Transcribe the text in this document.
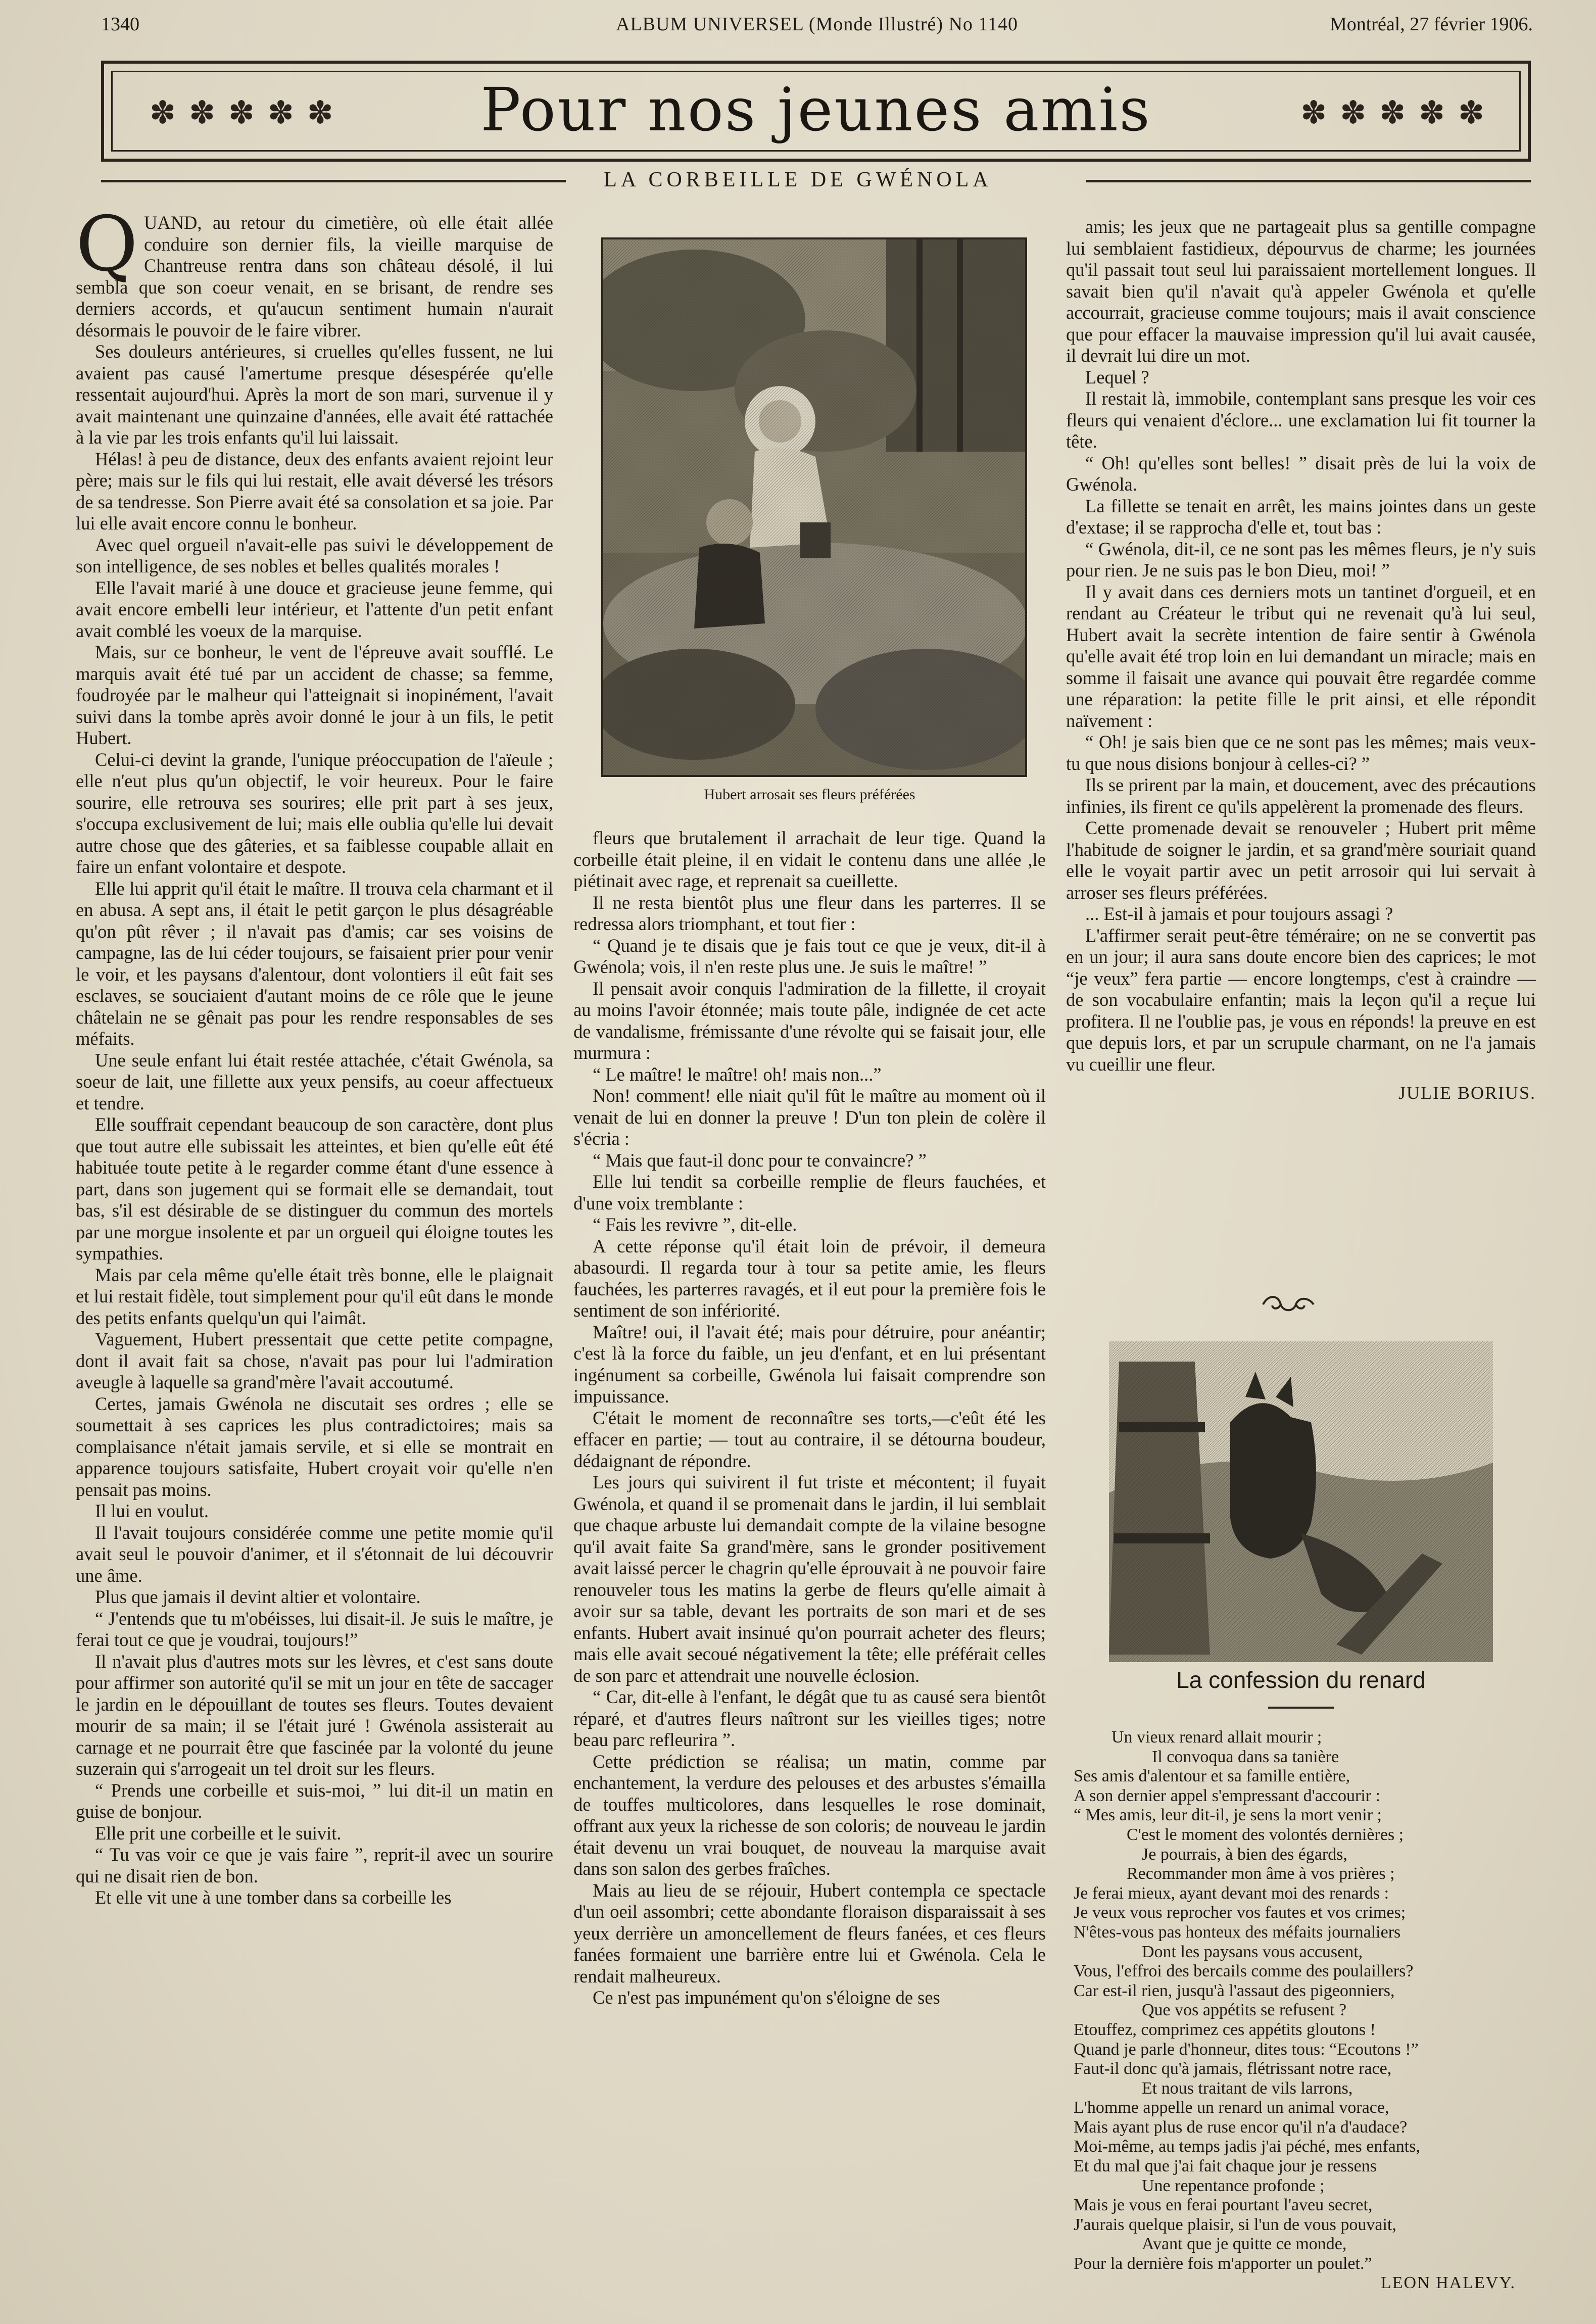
1340	ALBUM UNIVERSEL (Monde Illustré) No 1140	Montréal, 27 février 1906.
✽✽✽✽✽	Pour nos jeunes amis	✽✽✽✽✽
LA CORBEILLE DE GWÉNOLA

QUAND, au retour du cimetière, où elle était allée conduire son dernier fils, la vieille marquise de Chantreuse rentra dans son château désolé, il lui sembla que son coeur venait, en se brisant, de rendre ses derniers accords, et qu'aucun sentiment humain n'aurait désormais le pouvoir de le faire vibrer.

Ses douleurs antérieures, si cruelles qu'elles fussent, ne lui avaient pas causé l'amertume presque désespérée qu'elle ressentait aujourd'hui. Après la mort de son mari, survenue il y avait maintenant une quinzaine d'années, elle avait été rattachée à la vie par les trois enfants qu'il lui laissait.

Hélas! à peu de distance, deux des enfants avaient rejoint leur père; mais sur le fils qui lui restait, elle avait déversé les trésors de sa tendresse. Son Pierre avait été sa consolation et sa joie. Par lui elle avait encore connu le bonheur.

Avec quel orgueil n'avait-elle pas suivi le développement de son intelligence, de ses nobles et belles qualités morales !

Elle l'avait marié à une douce et gracieuse jeune femme, qui avait encore embelli leur intérieur, et l'attente d'un petit enfant avait comblé les voeux de la marquise.

Mais, sur ce bonheur, le vent de l'épreuve avait soufflé. Le marquis avait été tué par un accident de chasse; sa femme, foudroyée par le malheur qui l'atteignait si inopinément, l'avait suivi dans la tombe après avoir donné le jour à un fils, le petit Hubert.

Celui-ci devint la grande, l'unique préoccupation de l'aïeule ; elle n'eut plus qu'un objectif, le voir heureux. Pour le faire sourire, elle retrouva ses sourires; elle prit part à ses jeux, s'occupa exclusivement de lui; mais elle oublia qu'elle lui devait autre chose que des gâteries, et sa faiblesse coupable allait en faire un enfant volontaire et despote.

Elle lui apprit qu'il était le maître. Il trouva cela charmant et il en abusa. A sept ans, il était le petit garçon le plus désagréable qu'on pût rêver ; il n'avait pas d'amis; car ses voisins de campagne, las de lui céder toujours, se faisaient prier pour venir le voir, et les paysans d'alentour, dont volontiers il eût fait ses esclaves, se souciaient d'autant moins de ce rôle que le jeune châtelain ne se gênait pas pour les rendre responsables de ses méfaits.

Une seule enfant lui était restée attachée, c'était Gwénola, sa soeur de lait, une fillette aux yeux pensifs, au coeur affectueux et tendre.

Elle souffrait cependant beaucoup de son caractère, dont plus que tout autre elle subissait les atteintes, et bien qu'elle eût été habituée toute petite à le regarder comme étant d'une essence à part, dans son jugement qui se formait elle se demandait, tout bas, s'il est désirable de se distinguer du commun des mortels par une morgue insolente et par un orgueil qui éloigne toutes les sympathies.

Mais par cela même qu'elle était très bonne, elle le plaignait et lui restait fidèle, tout simplement pour qu'il eût dans le monde des petits enfants quelqu'un qui l'aimât.

Vaguement, Hubert pressentait que cette petite compagne, dont il avait fait sa chose, n'avait pas pour lui l'admiration aveugle à laquelle sa grand'mère l'avait accoutumé.

Certes, jamais Gwénola ne discutait ses ordres ; elle se soumettait à ses caprices les plus contradictoires; mais sa complaisance n'était jamais servile, et si elle se montrait en apparence toujours satisfaite, Hubert croyait voir qu'elle n'en pensait pas moins.

Il lui en voulut.

Il l'avait toujours considérée comme une petite momie qu'il avait seul le pouvoir d'animer, et il s'étonnait de lui découvrir une âme.

Plus que jamais il devint altier et volontaire.

“ J'entends que tu m'obéisses, lui disait-il. Je suis le maître, je ferai tout ce que je voudrai, toujours!”

Il n'avait plus d'autres mots sur les lèvres, et c'est sans doute pour affirmer son autorité qu'il se mit un jour en tête de saccager le jardin en le dépouillant de toutes ses fleurs. Toutes devaient mourir de sa main; il se l'était juré ! Gwénola assisterait au carnage et ne pourrait être que fascinée par la volonté du jeune suzerain qui s'arrogeait un tel droit sur les fleurs.

“ Prends une corbeille et suis-moi, ” lui dit-il un matin en guise de bonjour.

Elle prit une corbeille et le suivit.

“ Tu vas voir ce que je vais faire ”, reprit-il avec un sourire qui ne disait rien de bon.

Et elle vit une à une tomber dans sa corbeille les

Hubert arrosait ses fleurs préférées

fleurs que brutalement il arrachait de leur tige. Quand la corbeille était pleine, il en vidait le contenu dans une allée ,le piétinait avec rage, et reprenait sa cueillette.

Il ne resta bientôt plus une fleur dans les parterres. Il se redressa alors triomphant, et tout fier :

“ Quand je te disais que je fais tout ce que je veux, dit-il à Gwénola; vois, il n'en reste plus une. Je suis le maître! ”

Il pensait avoir conquis l'admiration de la fillette, il croyait au moins l'avoir étonnée; mais toute pâle, indignée de cet acte de vandalisme, frémissante d'une révolte qui se faisait jour, elle murmura :

“ Le maître! le maître! oh! mais non...”

Non! comment! elle niait qu'il fût le maître au moment où il venait de lui en donner la preuve ! D'un ton plein de colère il s'écria :

“ Mais que faut-il donc pour te convaincre? ”

Elle lui tendit sa corbeille remplie de fleurs fauchées, et d'une voix tremblante :

“ Fais les revivre ”, dit-elle.

A cette réponse qu'il était loin de prévoir, il demeura abasourdi. Il regarda tour à tour sa petite amie, les fleurs fauchées, les parterres ravagés, et il eut pour la première fois le sentiment de son infériorité.

Maître! oui, il l'avait été; mais pour détruire, pour anéantir; c'est là la force du faible, un jeu d'enfant, et en lui présentant ingénument sa corbeille, Gwénola lui faisait comprendre son impuissance.

C'était le moment de reconnaître ses torts,—c'eût été les effacer en partie; — tout au contraire, il se détourna boudeur, dédaignant de répondre.

Les jours qui suivirent il fut triste et mécontent; il fuyait Gwénola, et quand il se promenait dans le jardin, il lui semblait que chaque arbuste lui demandait compte de la vilaine besogne qu'il avait faite Sa grand'mère, sans le gronder positivement avait laissé percer le chagrin qu'elle éprouvait à ne pouvoir faire renouveler tous les matins la gerbe de fleurs qu'elle aimait à avoir sur sa table, devant les portraits de son mari et de ses enfants. Hubert avait insinué qu'on pourrait acheter des fleurs; mais elle avait secoué négativement la tête; elle préférait celles de son parc et attendrait une nouvelle éclosion.

“ Car, dit-elle à l'enfant, le dégât que tu as causé sera bientôt réparé, et d'autres fleurs naîtront sur les vieilles tiges; notre beau parc refleurira ”.

Cette prédiction se réalisa; un matin, comme par enchantement, la verdure des pelouses et des arbustes s'émailla de touffes multicolores, dans lesquelles le rose dominait, offrant aux yeux la richesse de son coloris; de nouveau le jardin était devenu un vrai bouquet, de nouveau la marquise avait dans son salon des gerbes fraîches.

Mais au lieu de se réjouir, Hubert contempla ce spectacle d'un oeil assombri; cette abondante floraison disparaissait à ses yeux derrière un amoncellement de fleurs fanées, et ces fleurs fanées formaient une barrière entre lui et Gwénola. Cela le rendait malheureux.

Ce n'est pas impunément qu'on s'éloigne de ses

amis; les jeux que ne partageait plus sa gentille compagne lui semblaient fastidieux, dépourvus de charme; les journées qu'il passait tout seul lui paraissaient mortellement longues. Il savait bien qu'il n'avait qu'à appeler Gwénola et qu'elle accourrait, gracieuse comme toujours; mais il avait conscience que pour effacer la mauvaise impression qu'il lui avait causée, il devrait lui dire un mot.

Lequel ?

Il restait là, immobile, contemplant sans presque les voir ces fleurs qui venaient d'éclore... une exclamation lui fit tourner la tête.

“ Oh! qu'elles sont belles! ” disait près de lui la voix de Gwénola.

La fillette se tenait en arrêt, les mains jointes dans un geste d'extase; il se rapprocha d'elle et, tout bas :

“ Gwénola, dit-il, ce ne sont pas les mêmes fleurs, je n'y suis pour rien. Je ne suis pas le bon Dieu, moi! ”

Il y avait dans ces derniers mots un tantinet d'orgueil, et en rendant au Créateur le tribut qui ne revenait qu'à lui seul, Hubert avait la secrète intention de faire sentir à Gwénola qu'elle avait été trop loin en lui demandant un miracle; mais en somme il faisait une avance qui pouvait être regardée comme une réparation: la petite fille le prit ainsi, et elle répondit naïvement :

“ Oh! je sais bien que ce ne sont pas les mêmes; mais veux-tu que nous disions bonjour à celles-ci? ”

Ils se prirent par la main, et doucement, avec des précautions infinies, ils firent ce qu'ils appelèrent la promenade des fleurs.

Cette promenade devait se renouveler ; Hubert prit même l'habitude de soigner le jardin, et sa grand'mère souriait quand elle le voyait partir avec un petit arrosoir qui lui servait à arroser ses fleurs préférées.

... Est-il à jamais et pour toujours assagi ?

L'affirmer serait peut-être téméraire; on ne se convertit pas en un jour; il aura sans doute encore bien des caprices; le mot “je veux” fera partie — encore longtemps, c'est à craindre — de son vocabulaire enfantin; mais la leçon qu'il a reçue lui profitera. Il ne l'oublie pas, je vous en réponds! la preuve en est que depuis lors, et par un scrupule charmant, on ne l'a jamais vu cueillir une fleur.

JULIE BORIUS.

La confession du renard
Un vieux renard allait mourir ;
Il convoqua dans sa tanière
Ses amis d'alentour et sa famille entière,
A son dernier appel s'empressant d'accourir :
“ Mes amis, leur dit-il, je sens la mort venir ;
C'est le moment des volontés dernières ;
Je pourrais, à bien des égards,
Recommander mon âme à vos prières ;
Je ferai mieux, ayant devant moi des renards :
Je veux vous reprocher vos fautes et vos crimes;
N'êtes-vous pas honteux des méfaits journaliers
Dont les paysans vous accusent,
Vous, l'effroi des bercails comme des poulaillers?
Car est-il rien, jusqu'à l'assaut des pigeonniers,
Que vos appétits se refusent ?
Etouffez, comprimez ces appétits gloutons !
Quand je parle d'honneur, dites tous: “Ecoutons !”
Faut-il donc qu'à jamais, flétrissant notre race,
Et nous traitant de vils larrons,
L'homme appelle un renard un animal vorace,
Mais ayant plus de ruse encor qu'il n'a d'audace?
Moi-même, au temps jadis j'ai péché, mes enfants,
Et du mal que j'ai fait chaque jour je ressens
Une repentance profonde ;
Mais je vous en ferai pourtant l'aveu secret,
J'aurais quelque plaisir, si l'un de vous pouvait,
Avant que je quitte ce monde,
Pour la dernière fois m'apporter un poulet.”
LEON HALEVY.
